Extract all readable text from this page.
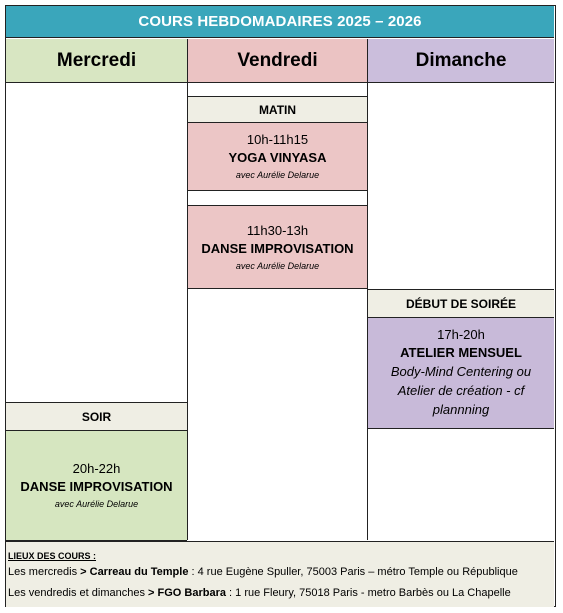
COURS HEBDOMADAIRES 2025 – 2026
Mercredi
SOIR
20h-22h
DANSE IMPROVISATION
avec Aurélie Delarue
Vendredi
MATIN
10h-11h15
YOGA VINYASA
avec Aurélie Delarue
11h30-13h
DANSE IMPROVISATION
avec Aurélie Delarue
Dimanche
DÉBUT DE SOIRÉE
17h-20h
ATELIER MENSUEL
Body-Mind Centering ou
Atelier de création - cf
plannning
LIEUX DES COURS :
Les mercredis > Carreau du Temple : 4 rue Eugène Spuller, 75003 Paris – métro Temple ou République
Les vendredis et dimanches > FGO Barbara : 1 rue Fleury, 75018 Paris - metro Barbès ou La Chapelle
